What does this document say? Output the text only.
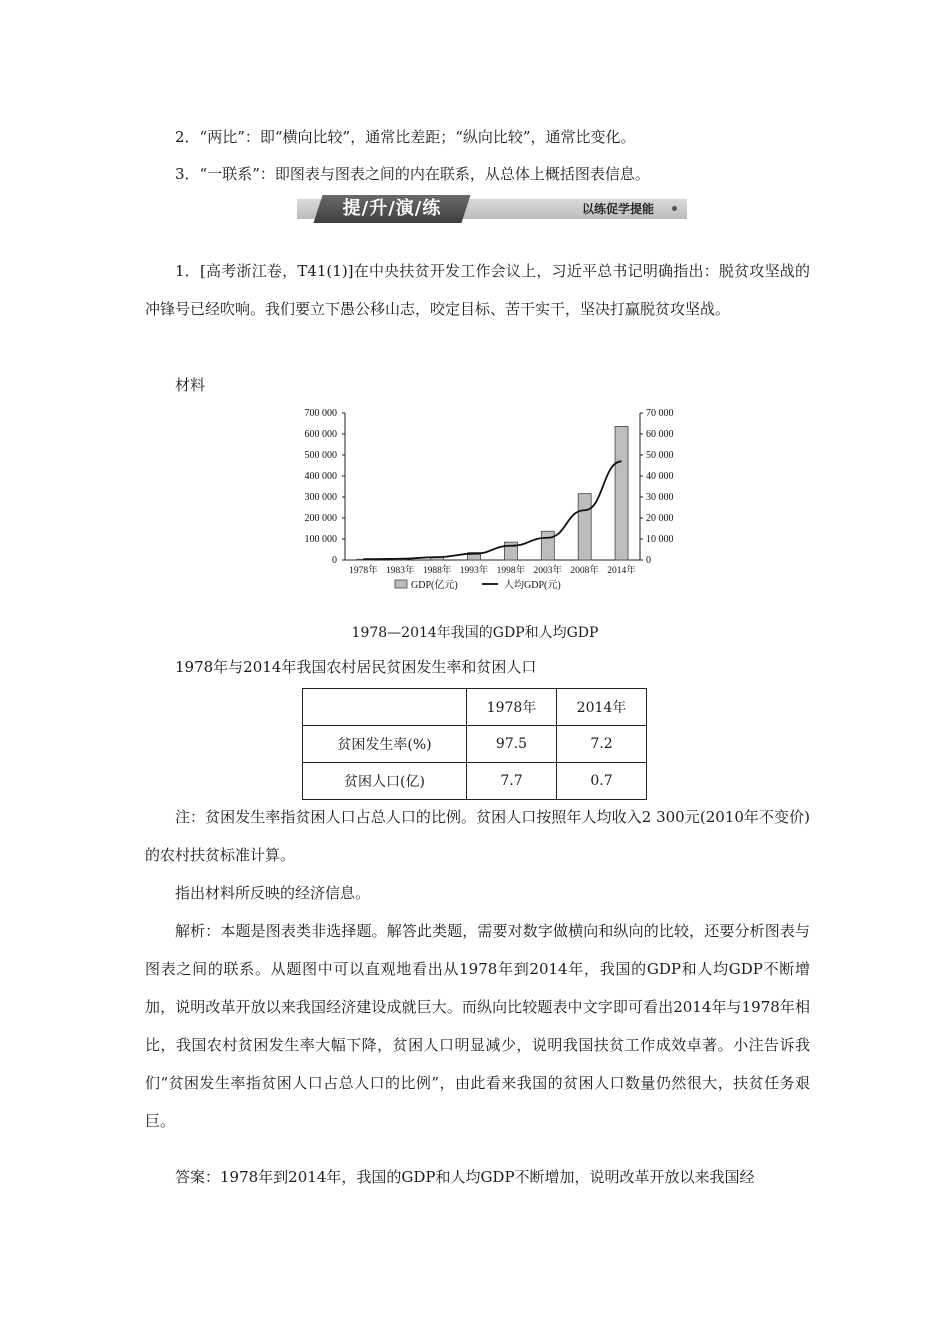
2．“两比”：即“横向比较”，通常比差距；“纵向比较”，通常比变化。
3．“一联系”：即图表与图表之间的内在联系，从总体上概括图表信息。
提/升/演/练	以练促学提能
1．[高考浙江卷，T41(1)]在中央扶贫开发工作会议上，习近平总书记明确指出：脱贫攻坚战的冲锋号已经吹响。我们要立下愚公移山志，咬定目标、苦干实干，坚决打赢脱贫攻坚战。
材料
0
100 000
200 000
300 000
400 000
500 000
600 000
700 000
0
10 000
20 000
30 000
40 000
50 000
60 000
70 000
1978年 1983年 1988年 1993年 1998年 2003年 2008年 2014年
GDP(亿元)	人均GDP(元)
1978—2014年我国的GDP和人均GDP
1978年与2014年我国农村居民贫困发生率和贫困人口
	1978年	2014年
贫困发生率(%)	97.5	7.2
贫困人口(亿)	7.7	0.7
注：贫困发生率指贫困人口占总人口的比例。贫困人口按照年人均收入2 300元(2010年不变价)的农村扶贫标准计算。
指出材料所反映的经济信息。
解析：本题是图表类非选择题。解答此类题，需要对数字做横向和纵向的比较，还要分析图表与图表之间的联系。从题图中可以直观地看出从1978年到2014年，我国的GDP和人均GDP不断增加，说明改革开放以来我国经济建设成就巨大。而纵向比较题表中文字即可看出2014年与1978年相比，我国农村贫困发生率大幅下降，贫困人口明显减少，说明我国扶贫工作成效卓著。小注告诉我们“贫困发生率指贫困人口占总人口的比例”，由此看来我国的贫困人口数量仍然很大，扶贫任务艰巨。
答案：1978年到2014年，我国的GDP和人均GDP不断增加，说明改革开放以来我国经
